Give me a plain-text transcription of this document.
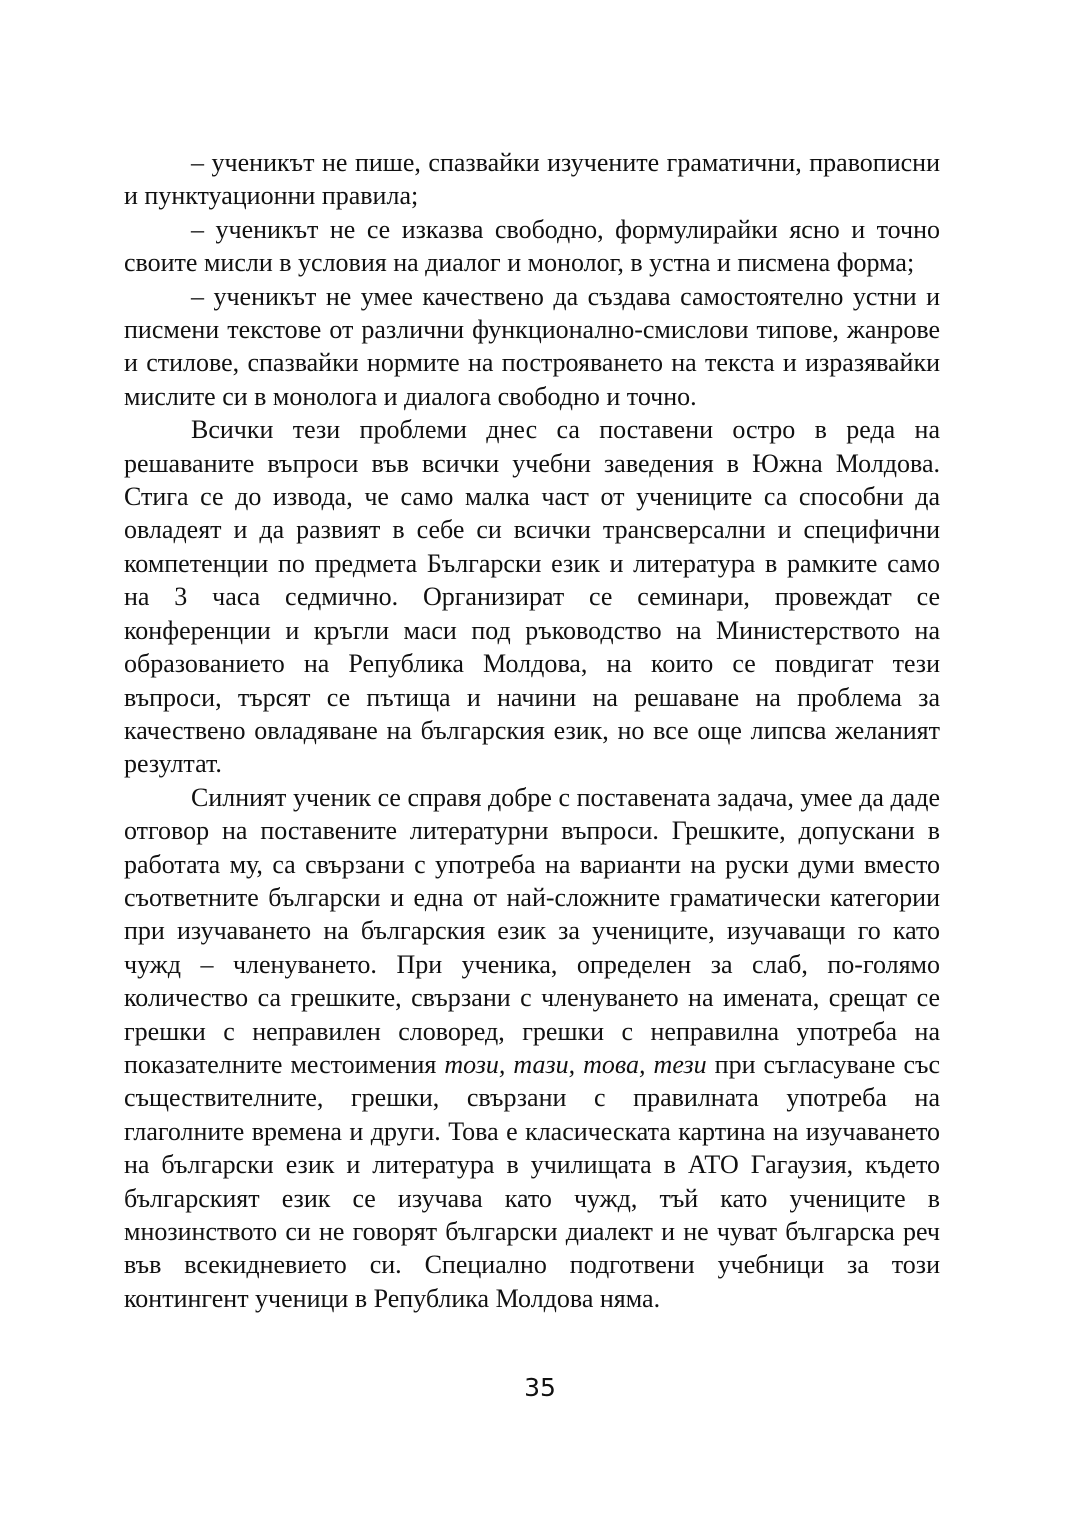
– ученикът не пише, спазвайки изучените граматични, правописни и пунктуационни правила;

– ученикът не се изказва свободно, формулирайки ясно и точно своите мисли в условия на диалог и монолог, в устна и писмена форма;

– ученикът не умее качествено да създава самостоятелно устни и писмени текстове от различни функционално-смислови типове, жанрове и стилове, спазвайки нормите на построяването на текста и изразявайки мислите си в монолога и диалога свободно и точно.

Всички тези проблеми днес са поставени остро в реда на решаваните въпроси във всички учебни заведения в Южна Молдова. Стига се до извода, че само малка част от учениците са способни да овладеят и да развият в себе си всички трансверсални и специфични компетенции по предмета Български език и литература в рамките само на 3 часа седмично. Организират се семинари, провеждат се конференции и кръгли маси под ръководство на Министерството на образованието на Република Молдова, на които се повдигат тези въпроси, търсят се пътища и начини на решаване на проблема за качествено овладяване на българския език, но все още липсва желаният резултат.

Силният ученик се справя добре с поставената задача, умее да даде отговор на поставените литературни въпроси. Грешките, допускани в работата му, са свързани с употреба на варианти на руски думи вместо съответните български и една от най-сложните граматически категории при изучаването на българския език за учениците, изучаващи го като чужд – членуването. При ученика, определен за слаб, по-голямо количество са грешките, свързани с членуването на имената, срещат се грешки с неправилен словоред, грешки с неправилна употреба на показателните местоимения този, тази, това, тези при съгласуване със съществителните, грешки, свързани с правилната употреба на глаголните времена и други. Това е класическата картина на изучаването на български език и литература в училищата в АТО Гагаузия, където българският език се изучава като чужд, тъй като учениците в мнозинството си не говорят български диалект и не чуват българска реч във всекидневието си. Специално подготвени учебници за този контингент ученици в Република Молдова няма.

35
